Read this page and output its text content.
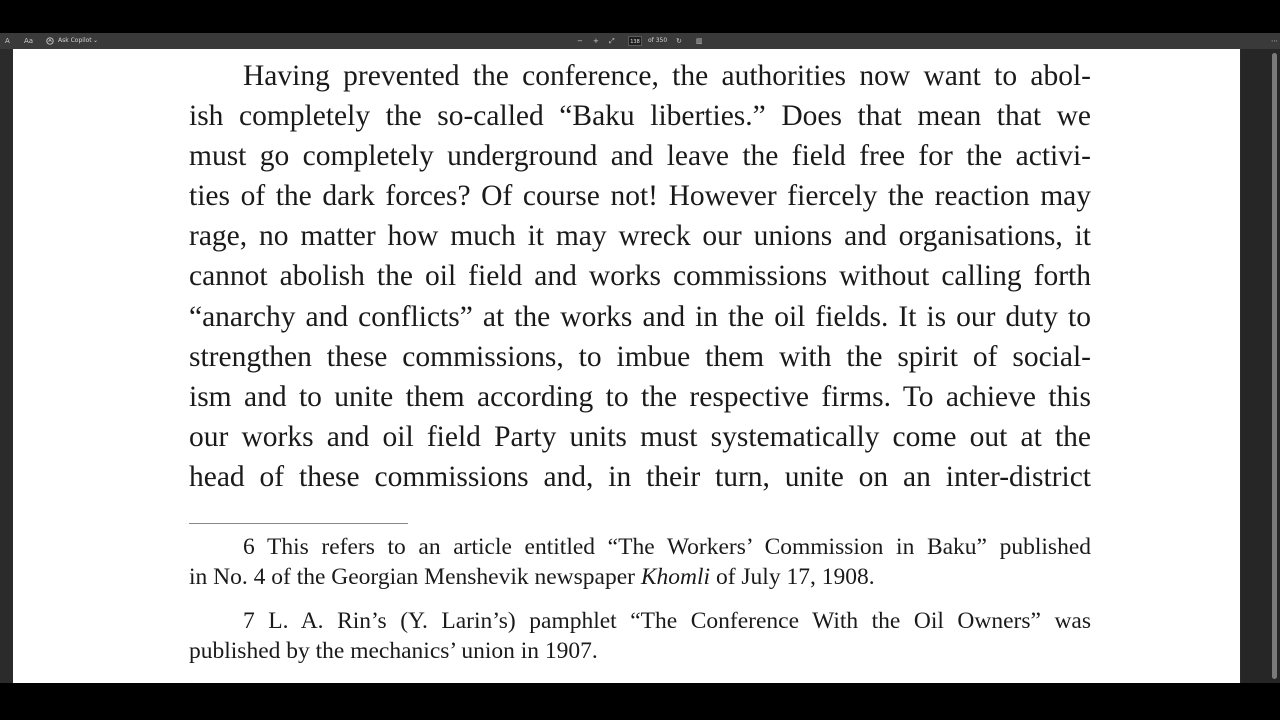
A Aa	Ask Copilot ⌄	− + ⤢	138	of 350 ↻ ▥	⋯
Having prevented the conference, the authorities now want to abol-
ish completely the so-called “Baku liberties.” Does that mean that we
must go completely underground and leave the field free for the activi-
ties of the dark forces? Of course not! However fiercely the reaction may
rage, no matter how much it may wreck our unions and organisations, it
cannot abolish the oil field and works commissions without calling forth
“anarchy and conflicts” at the works and in the oil fields. It is our duty to
strengthen these commissions, to imbue them with the spirit of social-
ism and to unite them according to the respective firms. To achieve this
our works and oil field Party units must systematically come out at the
head of these commissions and, in their turn, unite on an inter-district
6 This refers to an article entitled “The Workers’ Commission in Baku” published
in No. 4 of the Georgian Menshevik newspaper Khomli of July 17, 1908.
7 L. A. Rin’s (Y. Larin’s) pamphlet “The Conference With the Oil Owners” was
published by the mechanics’ union in 1907.
